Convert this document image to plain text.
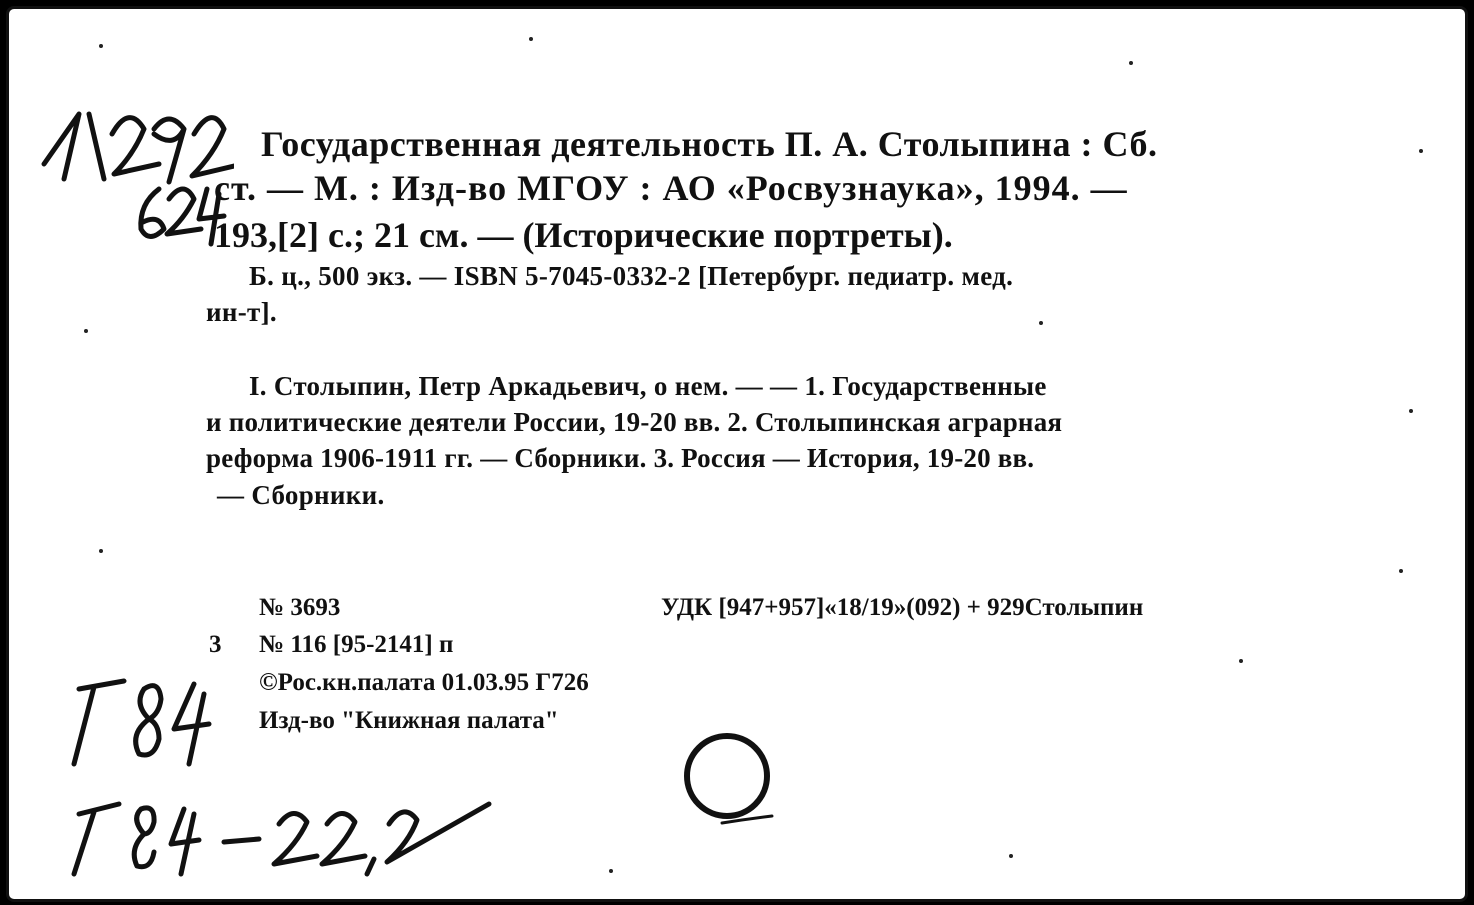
Государственная деятельность П. А. Столыпина : Сб.
ст. — М. : Изд-во МГОУ : АО «Росвузнаука», 1994. —
193,[2] с.; 21 см. — (Исторические портреты).
Б. ц., 500 экз. — ISBN 5-7045-0332-2 [Петербург. педиатр. мед.
ин-т].
I. Столыпин, Петр Аркадьевич, о нем. — — 1. Государственные
и политические деятели России, 19-20 вв. 2. Столыпинская аграрная
реформа 1906-1911 гг. — Сборники. 3. Россия — История, 19-20 вв.
— Сборники.
№ 3693	УДК [947+957]«18/19»(092) + 929Столыпин
3 № 116 [95-2141] п
©Рос.кн.палата 01.03.95 Г726
Изд-во "Книжная палата"
